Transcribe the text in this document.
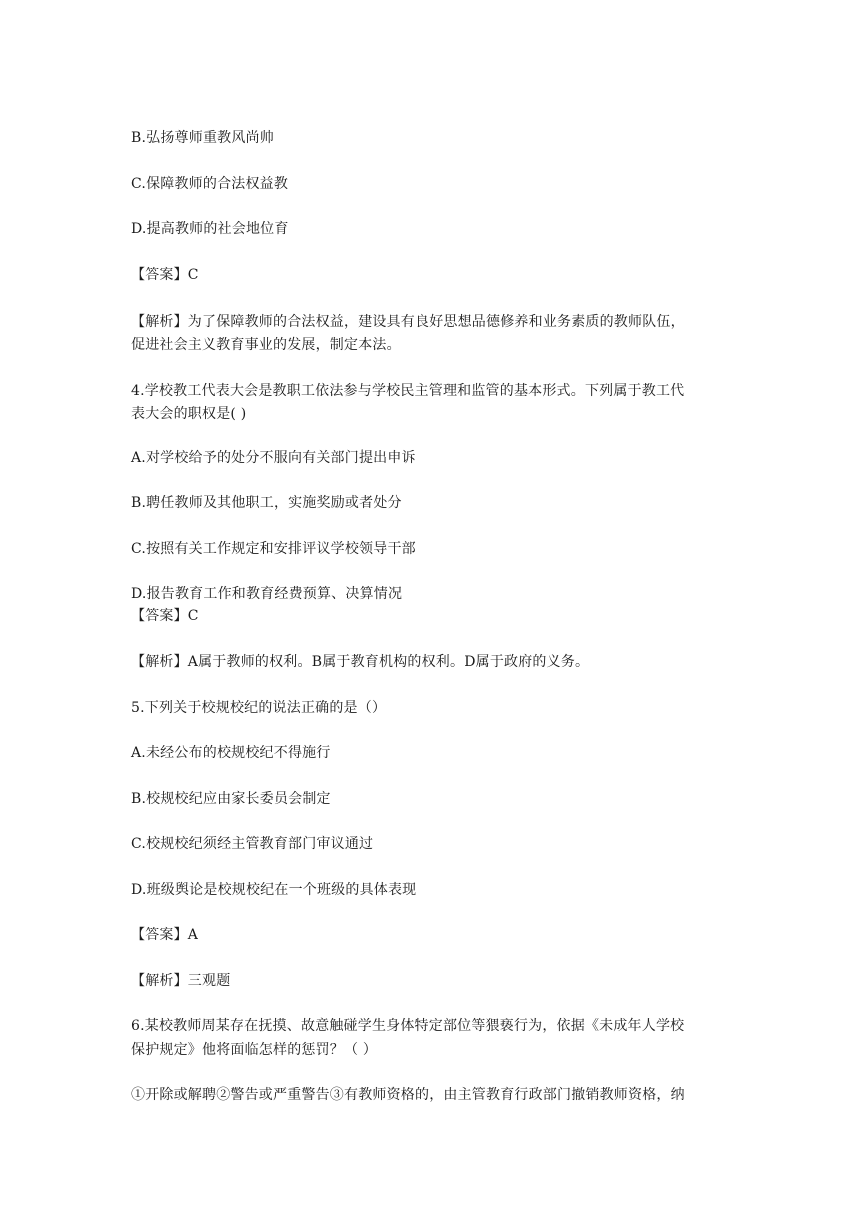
B.弘扬尊师重教风尚帅
C.保障教师的合法权益教
D.提高教师的社会地位育
【答案】C
【解析】为了保障教师的合法权益，建设具有良好思想品德修养和业务素质的教师队伍，
促进社会主义教育事业的发展，制定本法。
4.学校教工代表大会是教职工依法参与学校民主管理和监管的基本形式。下列属于教工代
表大会的职权是( )
A.对学校给予的处分不服向有关部门提出申诉
B.聘任教师及其他职工，实施奖励或者处分
C.按照有关工作规定和安排评议学校领导干部
D.报告教育工作和教育经费预算、决算情况
【答案】C
【解析】A属于教师的权利。B属于教育机构的权利。D属于政府的义务。
5.下列关于校规校纪的说法正确的是（）
A.未经公布的校规校纪不得施行
B.校规校纪应由家长委员会制定
C.校规校纪须经主管教育部门审议通过
D.班级舆论是校规校纪在一个班级的具体表现
【答案】A
【解析】三观题
6.某校教师周某存在抚摸、故意触碰学生身体特定部位等猥亵行为，依据《未成年人学校
保护规定》他将面临怎样的惩罚？（ ）
①开除或解聘②警告或严重警告③有教师资格的，由主管教育行政部门撤销教师资格，纳
